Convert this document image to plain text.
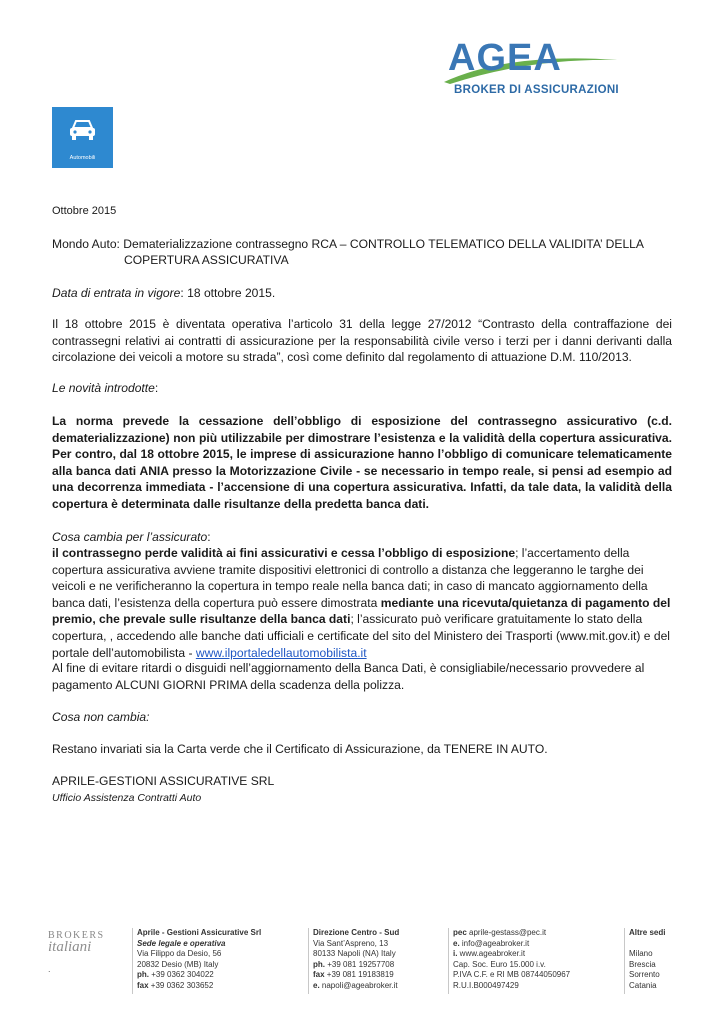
AGEA
BROKER DI ASSICURAZIONI
Automobili
Ottobre 2015
Mondo Auto: Dematerializzazione contrassegno RCA – CONTROLLO TELEMATICO DELLA VALIDITA’ DELLA
COPERTURA ASSICURATIVA
Data di entrata in vigore: 18 ottobre 2015.
Il 18 ottobre 2015 è diventata operativa l’articolo 31 della legge 27/2012 “Contrasto della contraffazione dei contrassegni relativi ai contratti di assicurazione per la responsabilità civile verso i terzi per i danni derivanti dalla circolazione dei veicoli a motore su strada”, così come definito dal regolamento di attuazione D.M. 110/2013.
Le novità introdotte:
La norma prevede la cessazione dell’obbligo di esposizione del contrassegno assicurativo (c.d. dematerializzazione) non più utilizzabile per dimostrare l’esistenza e la validità della copertura assicurativa. Per contro, dal 18 ottobre 2015, le imprese di assicurazione hanno l’obbligo di comunicare telematicamente alla banca dati ANIA presso la Motorizzazione Civile - se necessario in tempo reale, si pensi ad esempio ad una decorrenza immediata - l’accensione di una copertura assicurativa. Infatti, da tale data, la validità della copertura è determinata dalle risultanze della predetta banca dati.
Cosa cambia per l’assicurato:
il contrassegno perde validità ai fini assicurativi e cessa l’obbligo di esposizione; l’accertamento della copertura assicurativa avviene tramite dispositivi elettronici di controllo a distanza che leggeranno le targhe dei veicoli e ne verificheranno la copertura in tempo reale nella banca dati; in caso di mancato aggiornamento della banca dati, l’esistenza della copertura può essere dimostrata mediante una ricevuta/quietanza di pagamento del premio, che prevale sulle risultanze della banca dati; l’assicurato può verificare gratuitamente lo stato della copertura, , accedendo alle banche dati ufficiali e certificate del sito del Ministero dei Trasporti (www.mit.gov.it) e del portale dell’automobilista - www.ilportaledellautomobilista.it
Al fine di evitare ritardi o disguidi nell’aggiornamento della Banca Dati, è consigliabile/necessario provvedere al pagamento ALCUNI GIORNI PRIMA della scadenza della polizza.
Cosa non cambia:
Restano invariati sia la Carta verde che il Certificato di Assicurazione, da TENERE IN AUTO.
APRILE-GESTIONI ASSICURATIVE SRL
Ufficio Assistenza Contratti Auto
BROKERS
italiani
.
Aprile - Gestioni Assicurative Srl
Sede legale e operativa
Via Filippo da Desio, 56
20832 Desio (MB) Italy
ph. +39 0362 304022
fax +39 0362 303652
Direzione Centro - Sud
Via Sant’Aspreno, 13
80133 Napoli (NA) Italy
ph. +39 081 19257708
fax +39 081 19183819
e. napoli@ageabroker.it
pec aprile-gestass@pec.it
e. info@ageabroker.it
i. www.ageabroker.it
Cap. Soc. Euro 15.000 i.v.
P.IVA C.F. e RI MB 08744050967
R.U.I.B000497429
Altre sedi

Milano
Brescia
Sorrento
Catania
